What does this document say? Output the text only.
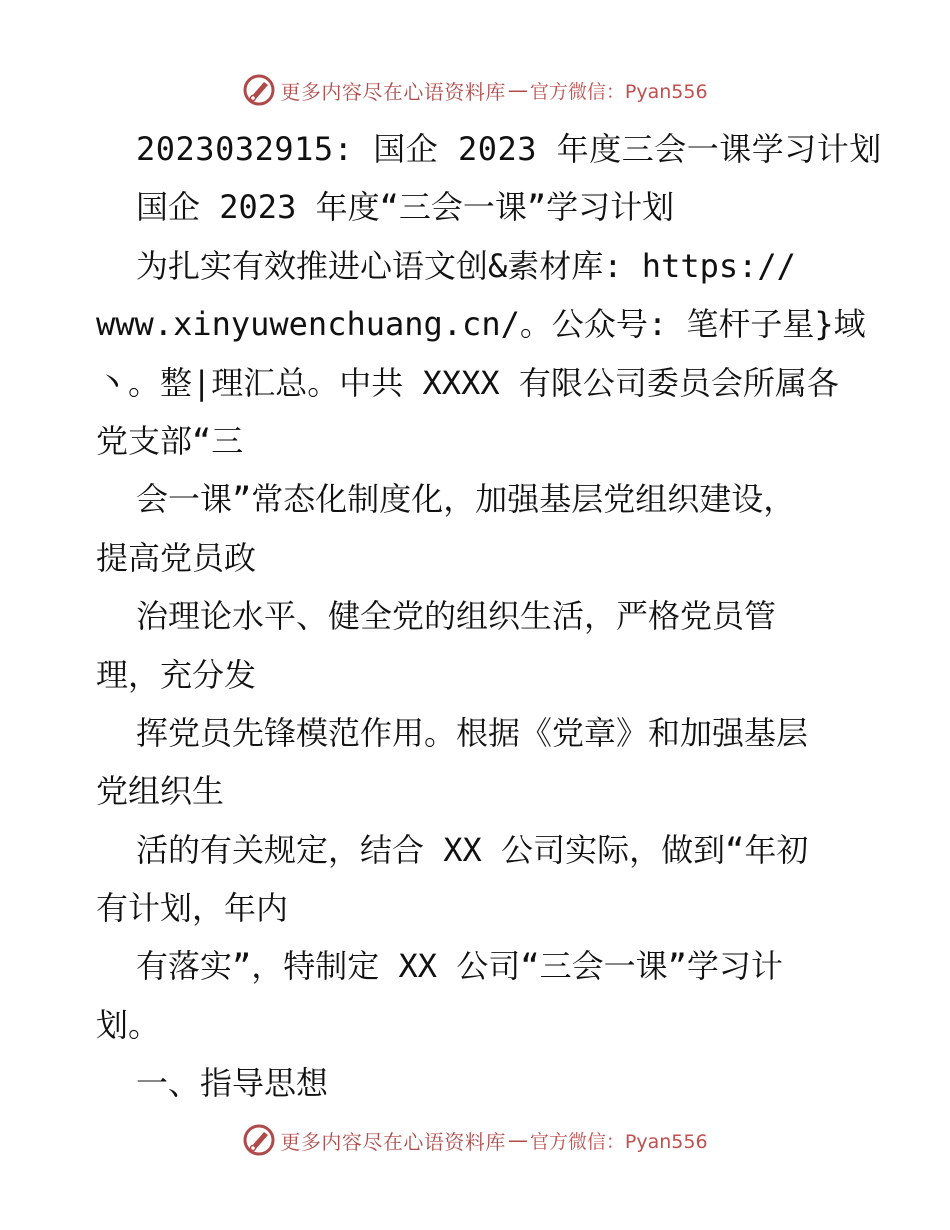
更多内容尽在心语资料库 — 官方微信：Pyan556
2023032915: 国企 2023 年度三会一课学习计划
国企 2023 年度“三会一课”学习计划
为扎实有效推进心语文创&素材库: https://
www.xinyuwenchuang.cn/。公众号: 笔杆子星}域
丶。整|理汇总。中共 XXXX 有限公司委员会所属各
党支部“三
会一课”常态化制度化，加强基层党组织建设，
提高党员政
治理论水平、健全党的组织生活，严格党员管
理，充分发
挥党员先锋模范作用。根据《党章》和加强基层
党组织生
活的有关规定，结合 XX 公司实际，做到“年初
有计划，年内
有落实”，特制定 XX 公司“三会一课”学习计
划。
一、指导思想
更多内容尽在心语资料库 — 官方微信：Pyan556
